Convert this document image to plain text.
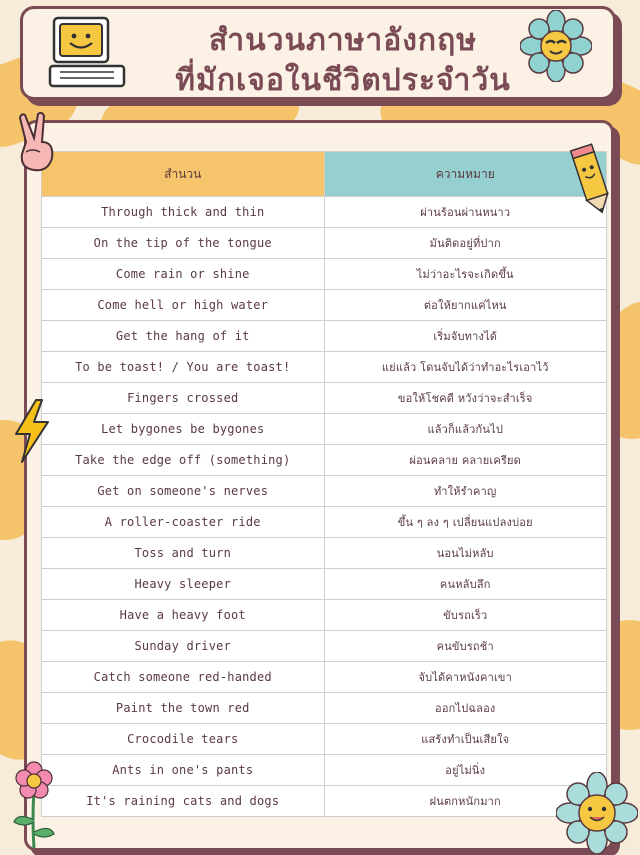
สำนวนภาษาอังกฤษ
ที่มักเจอในชีวิตประจำวัน
สำนวน	ความหมาย
Through thick and thin	ผ่านร้อนผ่านหนาว
On the tip of the tongue	มันติดอยู่ที่ปาก
Come rain or shine	ไม่ว่าอะไรจะเกิดขึ้น
Come hell or high water	ต่อให้ยากแค่ไหน
Get the hang of it	เริ่มจับทางได้
To be toast! / You are toast!	แย่แล้ว โดนจับได้ว่าทำอะไรเอาไว้
Fingers crossed	ขอให้โชคดี หวังว่าจะสำเร็จ
Let bygones be bygones	แล้วก็แล้วกันไป
Take the edge off (something)	ผ่อนคลาย คลายเครียด
Get on someone's nerves	ทำให้รำคาญ
A roller-coaster ride	ขึ้น ๆ ลง ๆ เปลี่ยนแปลงบ่อย
Toss and turn	นอนไม่หลับ
Heavy sleeper	คนหลับลึก
Have a heavy foot	ขับรถเร็ว
Sunday driver	คนขับรถช้า
Catch someone red-handed	จับได้คาหนังคาเขา
Paint the town red	ออกไปฉลอง
Crocodile tears	แสร้งทำเป็นเสียใจ
Ants in one's pants	อยู่ไม่นิ่ง
It's raining cats and dogs	ฝนตกหนักมาก
